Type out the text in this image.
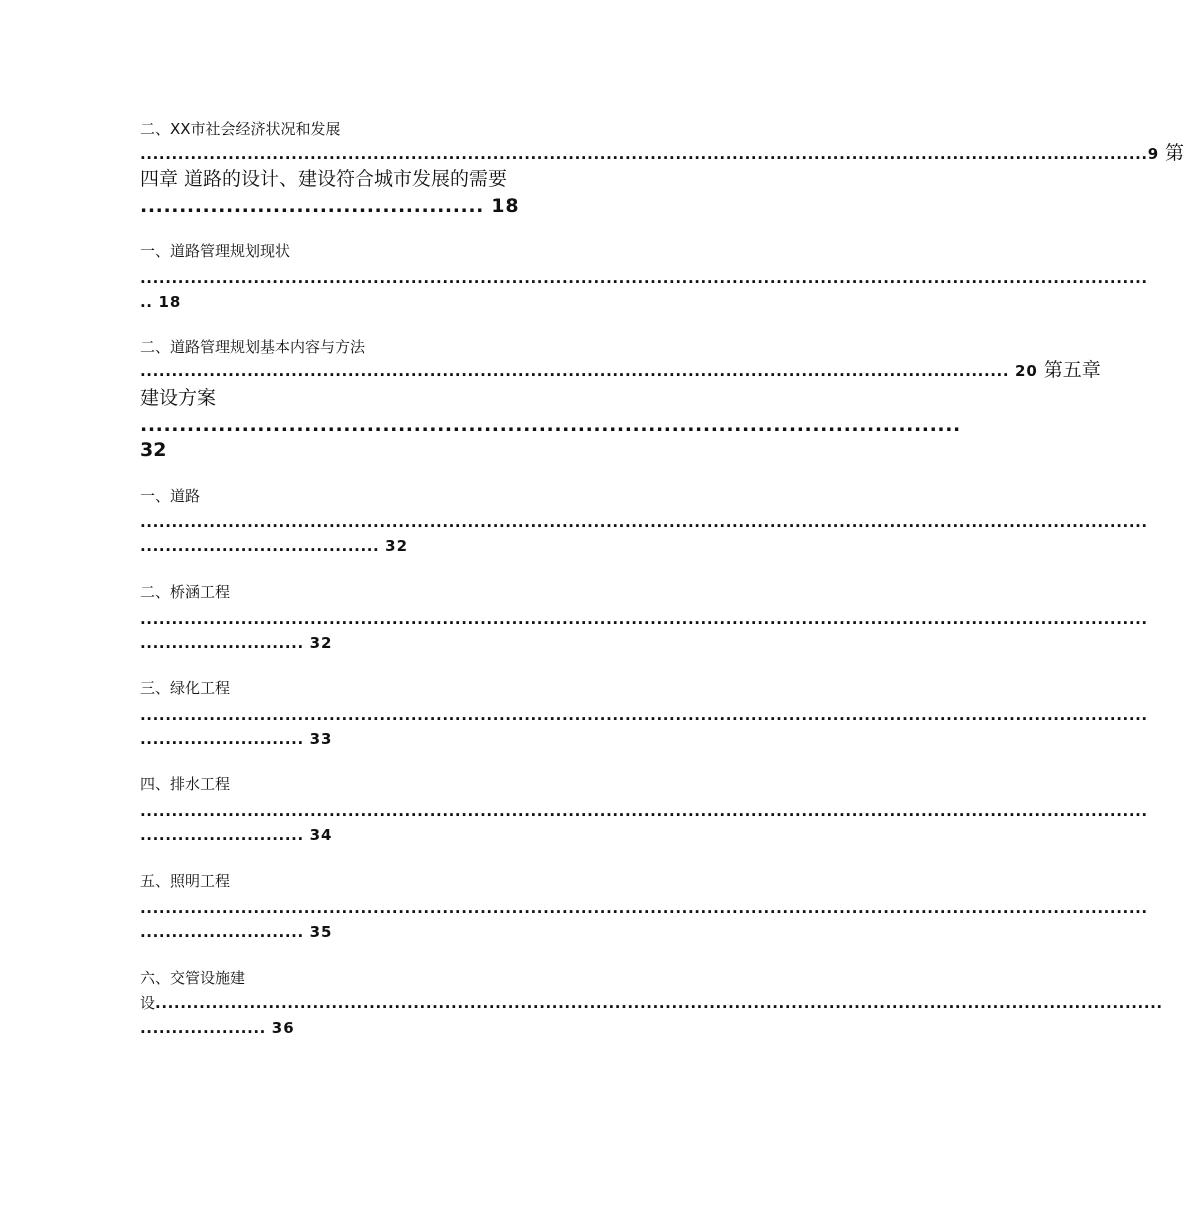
二、XX市社会经济状况和发展

................................................................................................................................................................9 第

四章 道路的设计、建设符合城市发展的需要

............................................ 18

一、道路管理规划现状

................................................................................................................................................................

.. 18

二、道路管理规划基本内容与方法

.......................................................................................................................................... 20 第五章

建设方案

.........................................................................................................

32

一、道路

................................................................................................................................................................

...................................... 32

二、桥涵工程

................................................................................................................................................................

.......................... 32

三、绿化工程

................................................................................................................................................................

.......................... 33

四、排水工程

................................................................................................................................................................

.......................... 34

五、照明工程

................................................................................................................................................................

.......................... 35

六、交管设施建

设................................................................................................................................................................

.................... 36
